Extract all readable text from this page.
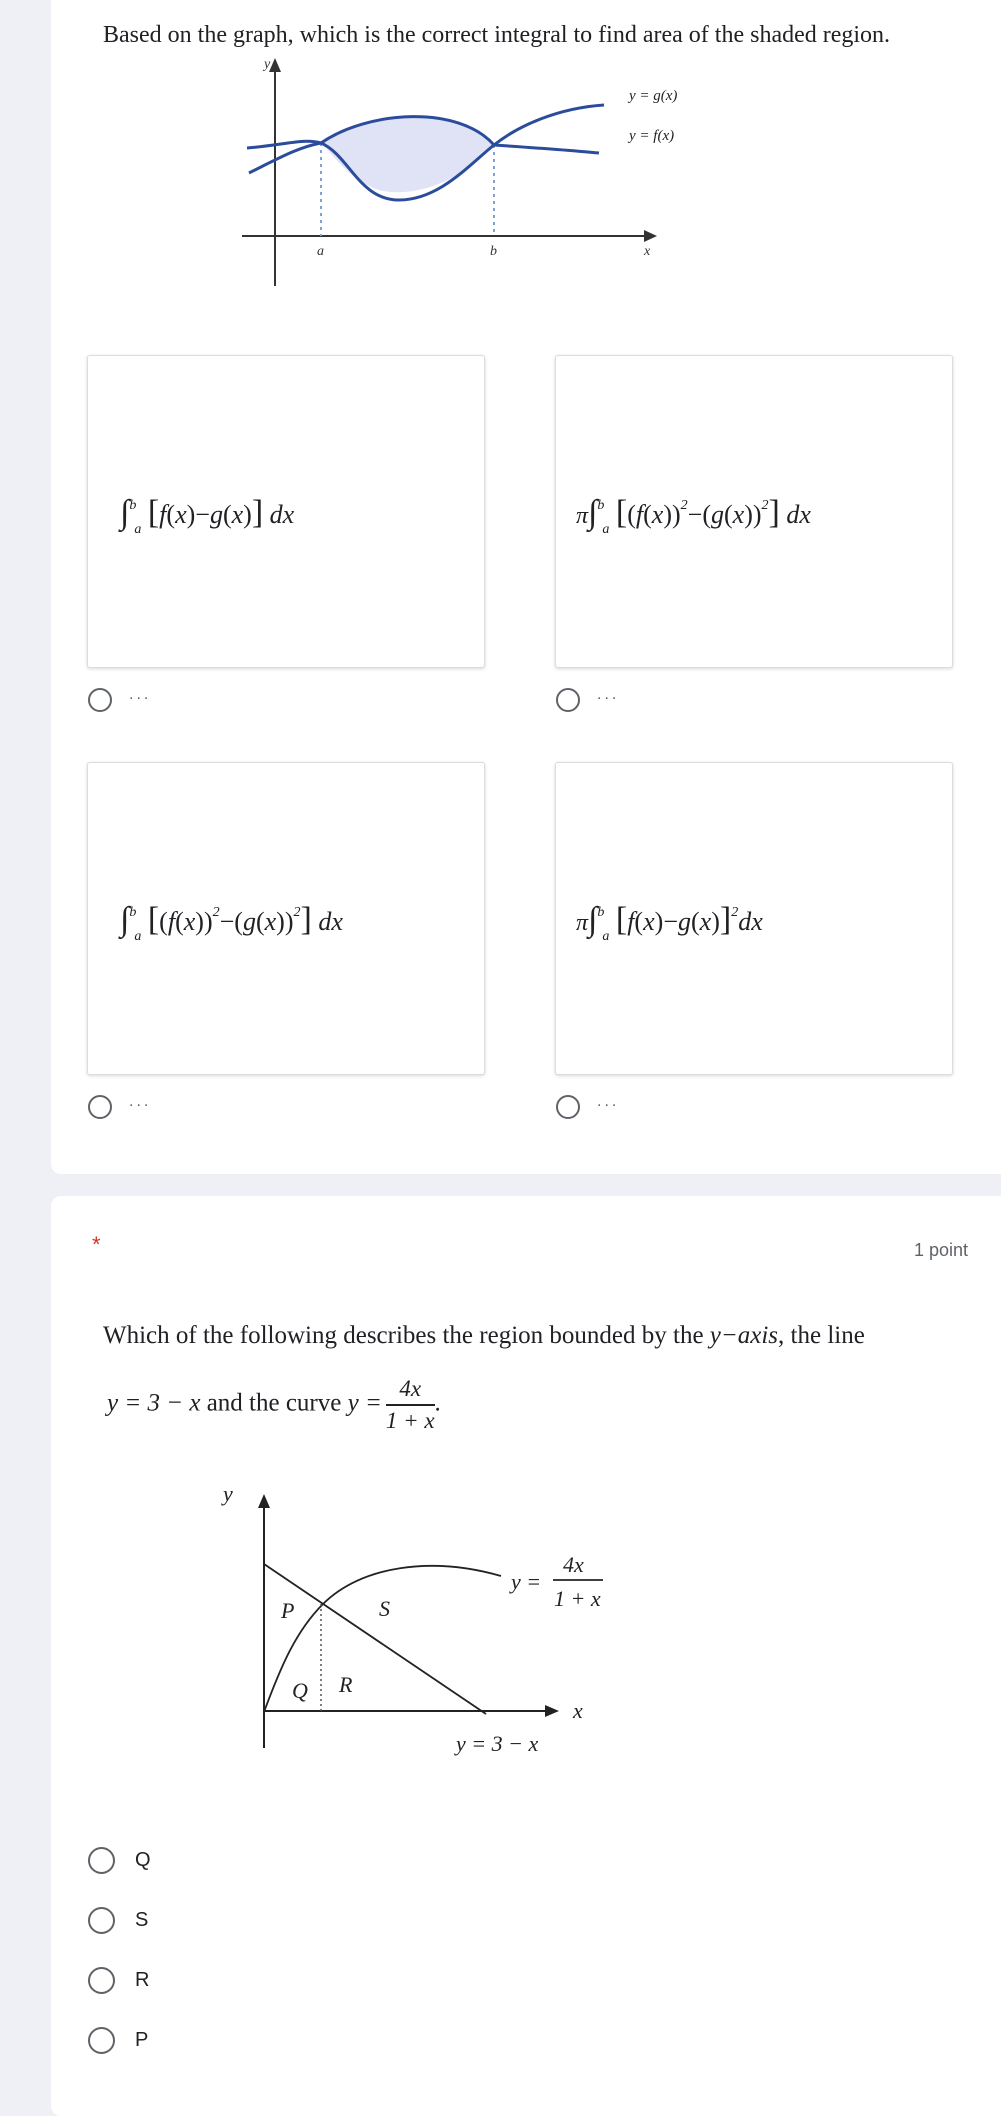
Based on the graph, which is the correct integral to find area of the shaded region.
y
x
a	b
y = g(x)
y = f(x)
∫$^b_a$ [f(x)−g(x)] dx	π∫$^b_a$ $[(f(x))^2-(g(x))^2]$ dx
...	...
∫$^b_a$ $[(f(x))^2-(g(x))^2]$ dx	π∫$^b_a$ $[f(x)-g(x)]^2dx$
...	...
*	1 point
Which of the following describes the region bounded by the y−axis, the line
y = 3 − x and the curve $y = \frac{4x}{1 + x}$ .
P	S
Q R
y
x
y =
4x
1 + x
y = 3 − x
Q
S
R
P
